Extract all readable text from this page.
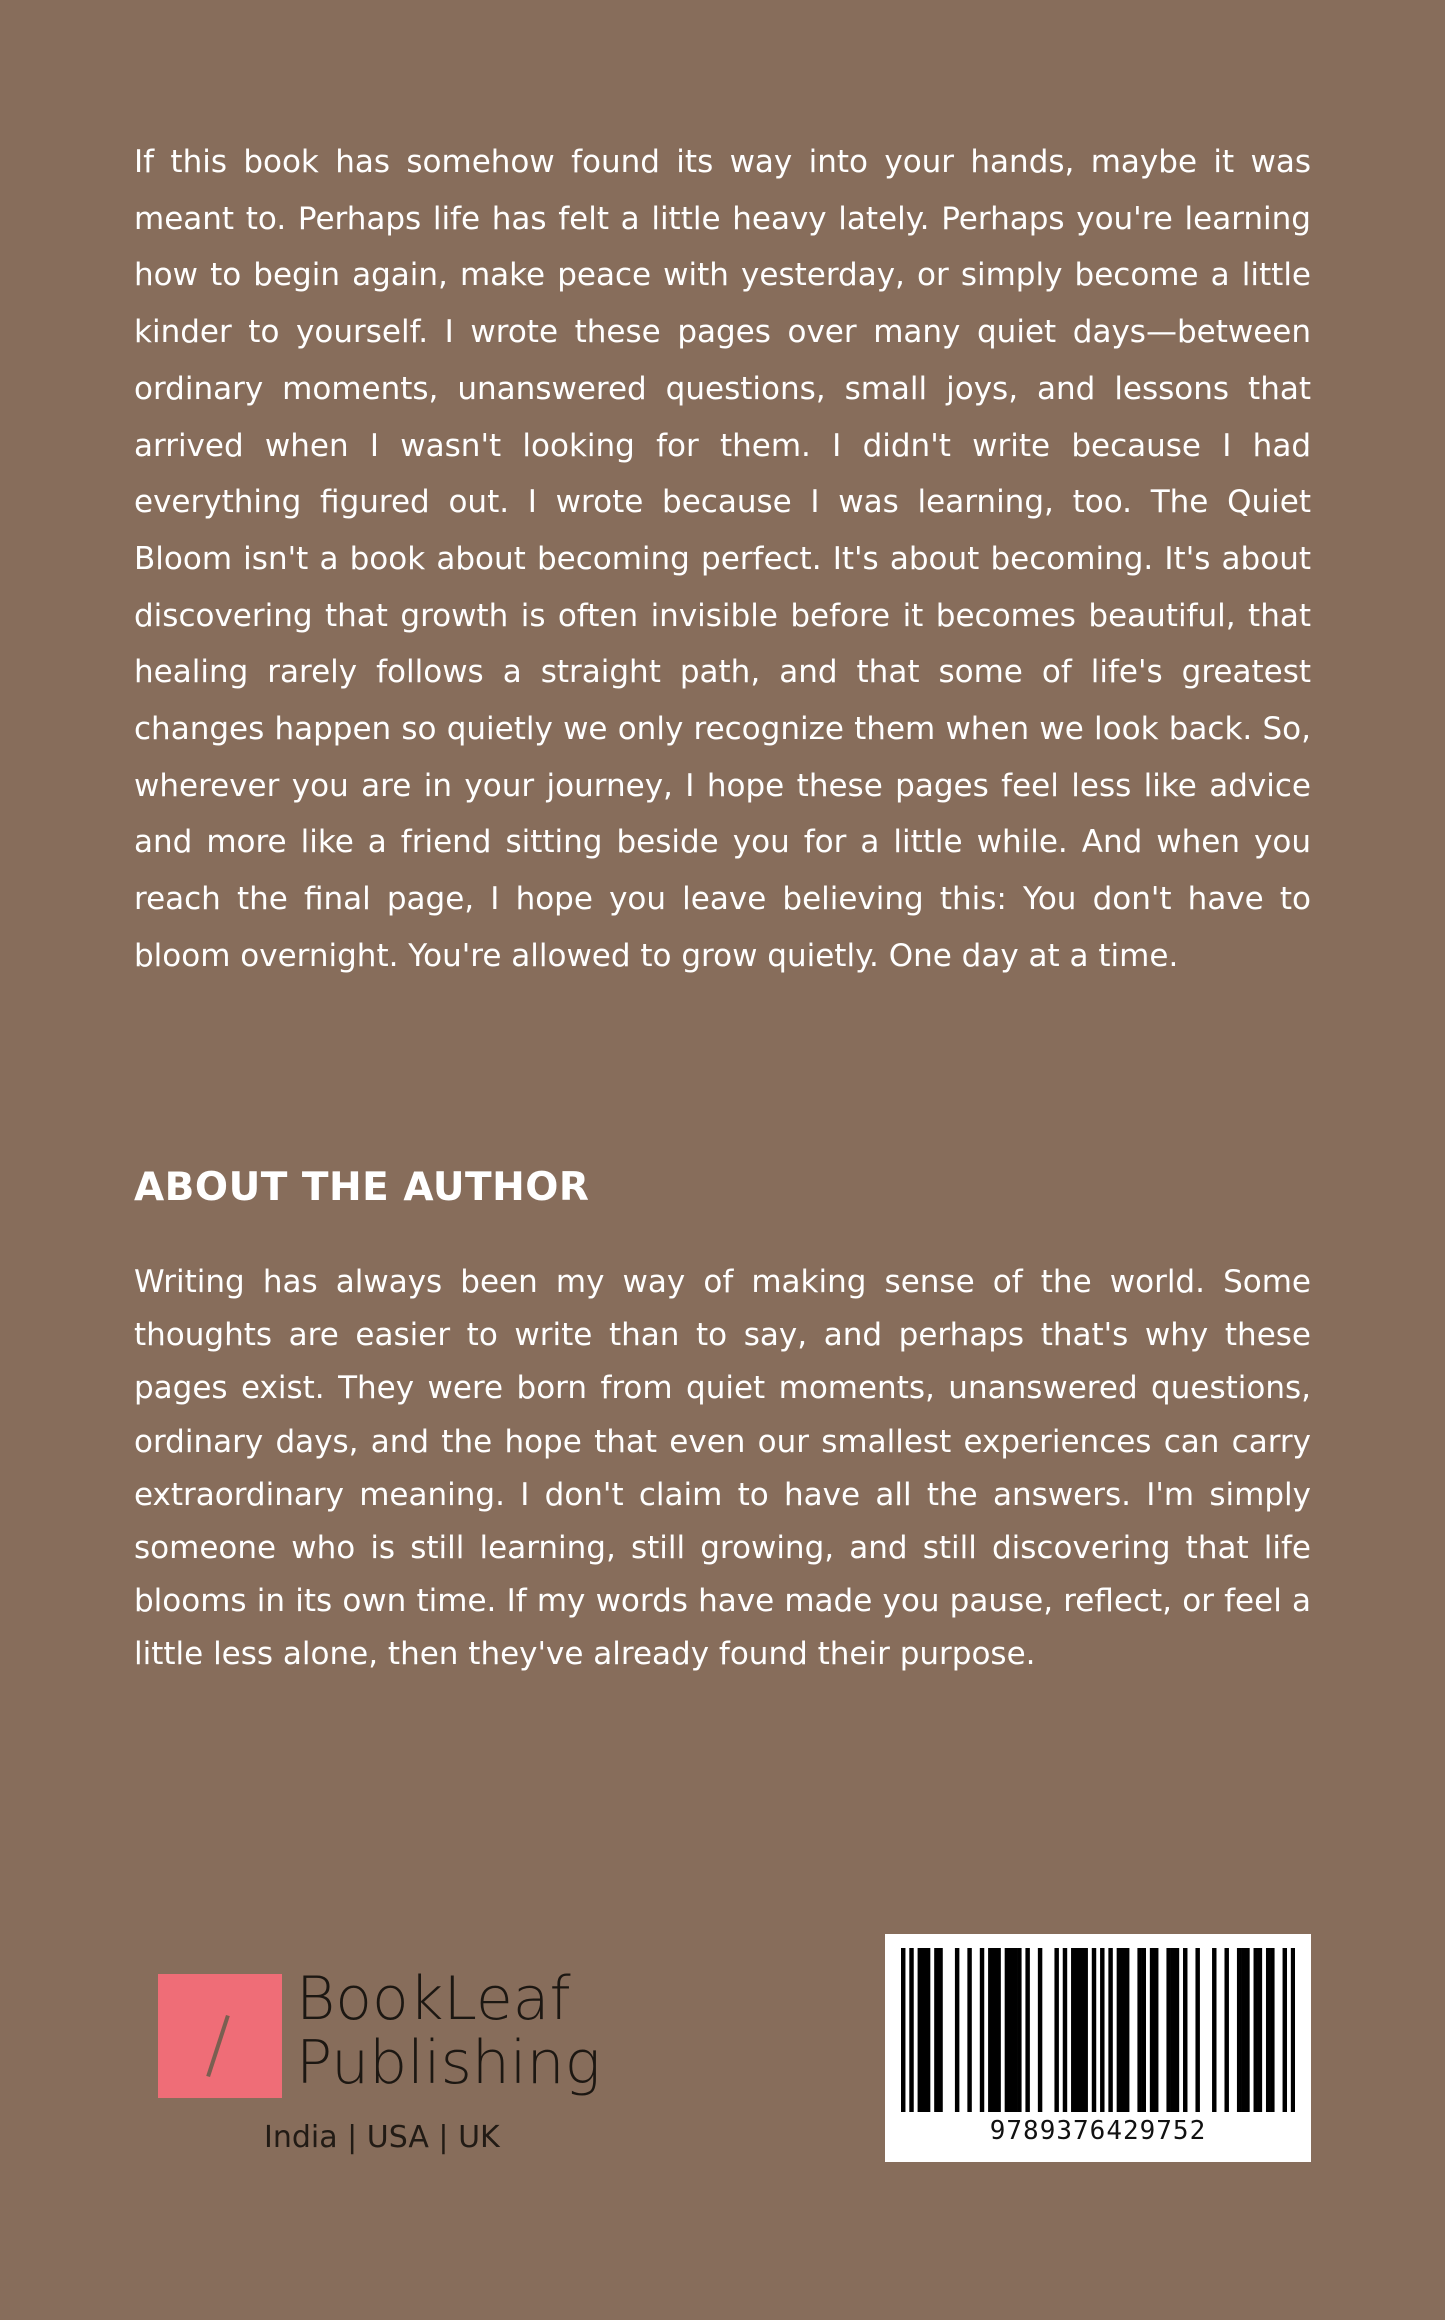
If this book has somehow found its way into your hands, maybe it was meant to. Perhaps life has felt a little heavy lately. Perhaps you're learning how to begin again, make peace with yesterday, or simply become a little kinder to yourself. I wrote these pages over many quiet days—between ordinary moments, unanswered questions, small joys, and lessons that arrived when I wasn't looking for them. I didn't write because I had everything figured out. I wrote because I was learning, too. The Quiet Bloom isn't a book about becoming perfect. It's about becoming. It's about discovering that growth is often invisible before it becomes beautiful, that healing rarely follows a straight path, and that some of life's greatest changes happen so quietly we only recognize them when we look back. So, wherever you are in your journey, I hope these pages feel less like advice and more like a friend sitting beside you for a little while. And when you reach the final page, I hope you leave believing this: You don't have to bloom overnight. You're allowed to grow quietly. One day at a time.

ABOUT THE AUTHOR

Writing has always been my way of making sense of the world. Some thoughts are easier to write than to say, and perhaps that's why these pages exist. They were born from quiet moments, unanswered questions, ordinary days, and the hope that even our smallest experiences can carry extraordinary meaning. I don't claim to have all the answers. I'm simply someone who is still learning, still growing, and still discovering that life blooms in its own time. If my words have made you pause, reflect, or feel a little less alone, then they've already found their purpose.

BookLeaf
Publishing
India | USA | UK	9789376429752
